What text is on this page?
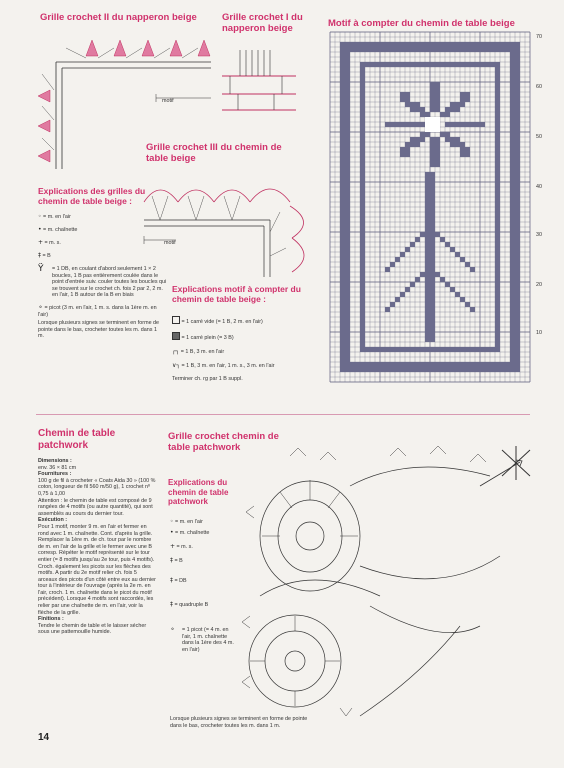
Grille crochet II du napperon beige
motif
Grille crochet I du napperon beige	Motif à compter du chemin de table beige
70
60
50
40
30
20
10
Grille crochet III du chemin de table beige
motif
Explications des grilles du chemin de table beige :
◦ = m. en l'air
• = m. chaînette
+ = m. s.
‡ = B
Ϋ = 1 DB, en coulant d'abord seulement 1 × 2 boucles, 1 B pas entièrement coulée dans le point d'entrée suiv. couler toutes les boucles qui se trouvent sur le crochet ch. fois 2 par 2, 2 m. en l'air, 1 B autour de la B en biais
⚬ = picot (3 m. en l'air, 1 m. s. dans la 1ère m. en l'air)
Lorsque plusieurs signes se terminent en forme de pointe dans le bas, crocheter toutes les m. dans 1 m.
Explications motif à compter du chemin de table beige :
= 1 carré vide (= 1 B, 2 m. en l'air)
= 1 carré plein (= 3 B)
┌┐ = 1 B, 3 m. en l'air
∨┐ = 1 B, 3 m. en l'air, 1 m. s., 3 m. en l'air
Terminer ch. rg par 1 B suppl.
Chemin de table patchwork
Dimensions :
env. 36 × 81 cm
Fournitures :
100 g de fil à crocheter « Coats Aida 30 » (100 % coton, longueur de fil 560 m/50 g), 1 crochet nº 0,75 à 1,00
Attention : le chemin de table est composé de 9 rangées de 4 motifs (ou autre quantité), qui sont assemblés au cours du dernier tour.
Exécution :
Pour 1 motif, monter 9 m. en l'air et fermer en rond avec 1 m. chaînette. Cont. d'après la grille. Remplacer la 1ère m. de ch. tour par le nombre de m. en l'air de la grille et le fermer avec une B corresp. Répéter le motif représenté sur le tour entier (= 8 motifs jusqu'au 2e tour, puis 4 motifs). Croch. également les picots sur les flèches des motifs. A partir du 2e motif relier ch. fois 5 arceaux des picots d'un côté entre eux au dernier tour à l'intérieur de l'ouvrage (après la 2e m. en l'air, croch. 1 m. chaînette dans le picot du motif précédent). Lorsque 4 motifs sont raccordés, les relier par une chaînette de m. en l'air, voir la flèche de la grille.
Finitions :
Tendre le chemin de table et le laisser sécher sous une pattemouille humide.
Grille crochet chemin de table patchwork
Explications du chemin de table patchwork
◦ = m. en l'air
• = m. chaînette
+ = m. s.
‡ = B
‡ = DB
‡ = quadruple B
⚬ = 1 picot (= 4 m. en l'air, 1 m. chaînette dans la 1ère des 4 m. en l'air)
Lorsque plusieurs signes se terminent en forme de pointe dans le bas, crocheter toutes les m. dans 1 m.
14
